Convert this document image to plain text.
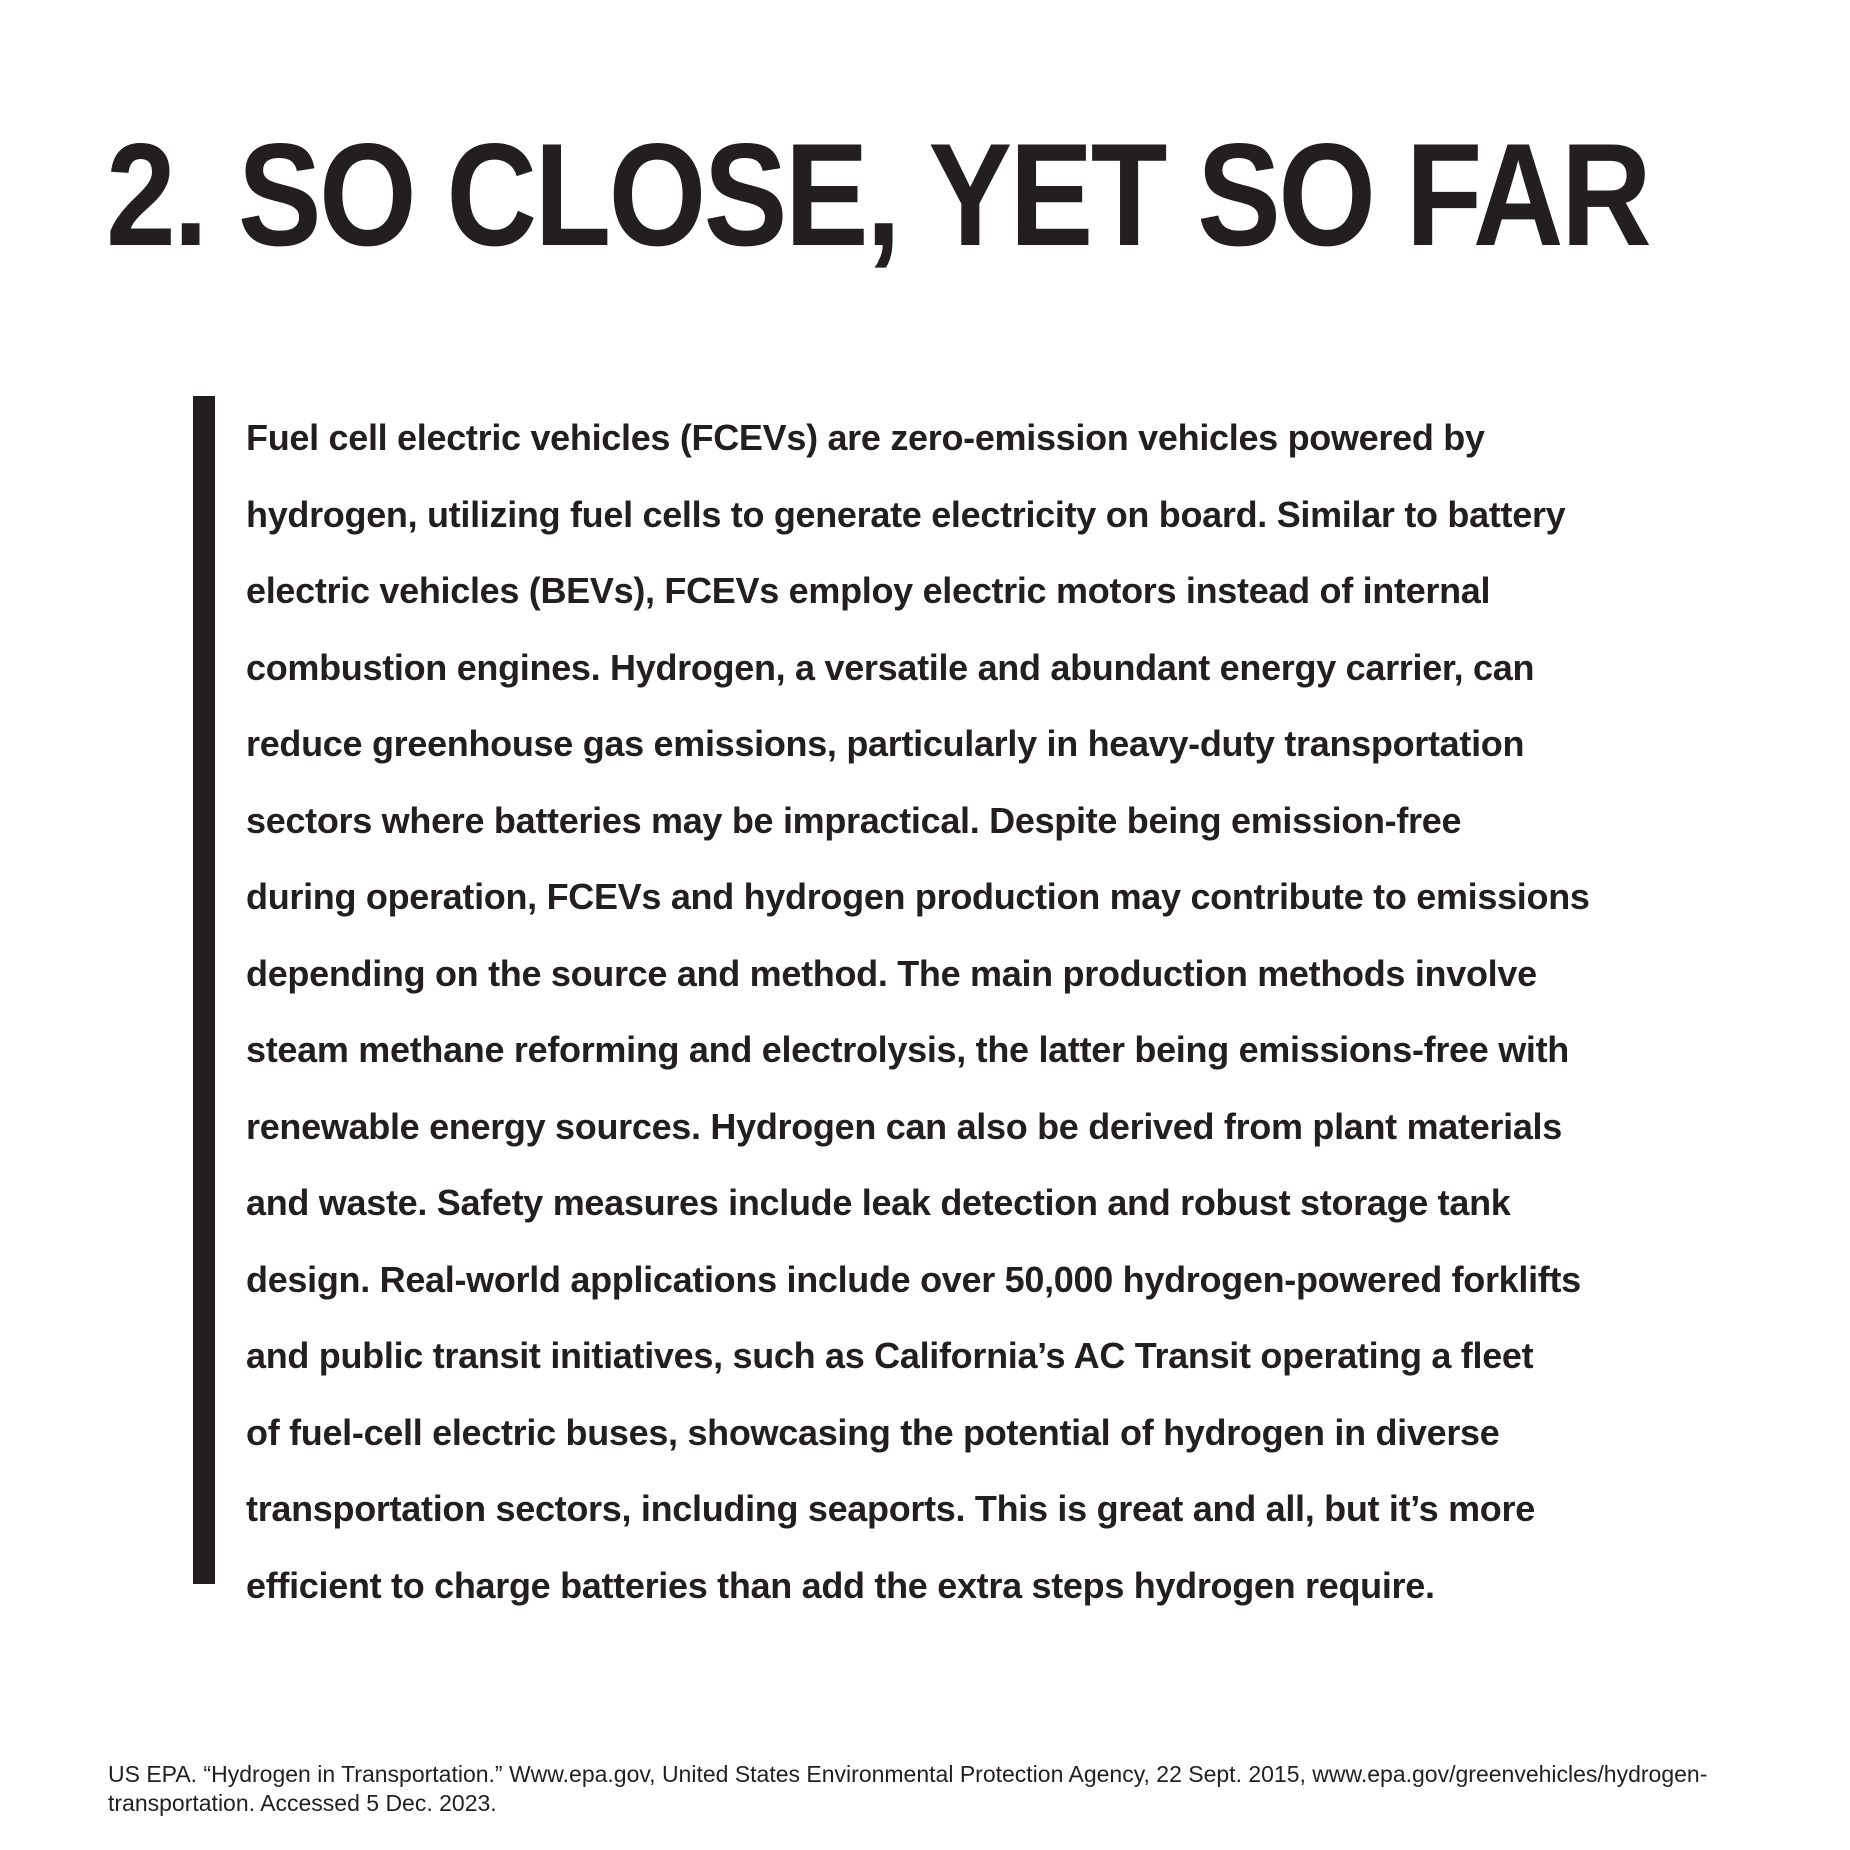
2. SO CLOSE, YET SO FAR

Fuel cell electric vehicles (FCEVs) are zero-emission vehicles powered by
hydrogen, utilizing fuel cells to generate electricity on board. Similar to battery
electric vehicles (BEVs), FCEVs employ electric motors instead of internal
combustion engines. Hydrogen, a versatile and abundant energy carrier, can
reduce greenhouse gas emissions, particularly in heavy-duty transportation
sectors where batteries may be impractical. Despite being emission-free
during operation, FCEVs and hydrogen production may contribute to emissions
depending on the source and method. The main production methods involve
steam methane reforming and electrolysis, the latter being emissions-free with
renewable energy sources. Hydrogen can also be derived from plant materials
and waste. Safety measures include leak detection and robust storage tank
design. Real-world applications include over 50,000 hydrogen-powered forklifts
and public transit initiatives, such as California’s AC Transit operating a fleet
of fuel-cell electric buses, showcasing the potential of hydrogen in diverse
transportation sectors, including seaports. This is great and all, but it’s more
efficient to charge batteries than add the extra steps hydrogen require.

US EPA. “Hydrogen in Transportation.” Www.epa.gov, United States Environmental Protection Agency, 22 Sept. 2015, www.epa.gov/greenvehicles/hydrogen-
transportation. Accessed 5 Dec. 2023.
